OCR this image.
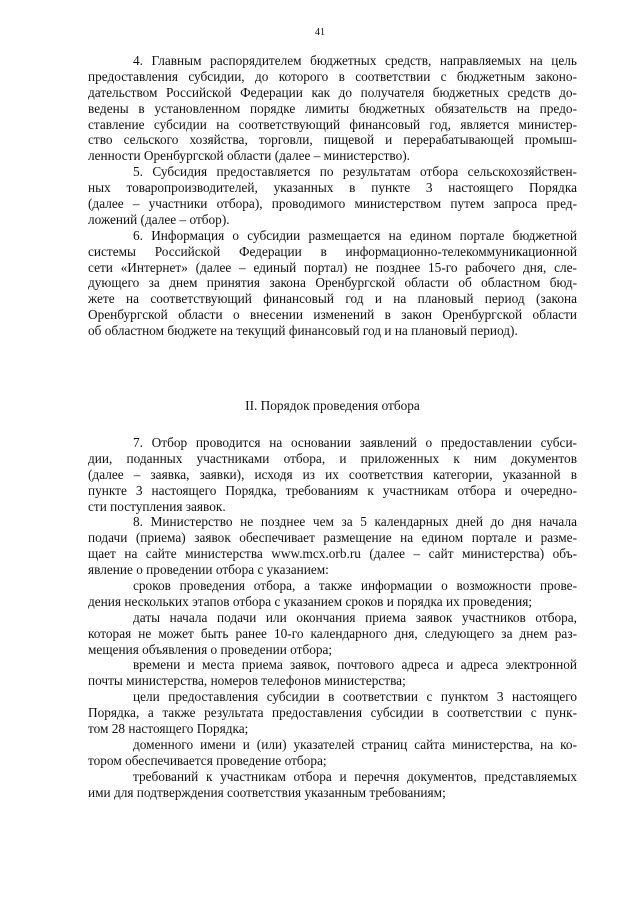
41
4. Главным распорядителем бюджетных средств, направляемых на цель
предоставления субсидии, до которого в соответствии с бюджетным законо-
дательством Российской Федерации как до получателя бюджетных средств до-
ведены в установленном порядке лимиты бюджетных обязательств на предо-
ставление субсидии на соответствующий финансовый год, является министер-
ство сельского хозяйства, торговли, пищевой и перерабатывающей промыш-
ленности Оренбургской области (далее – министерство).
5. Субсидия предоставляется по результатам отбора сельскохозяйствен-
ных товаропроизводителей, указанных в пункте 3 настоящего Порядка
(далее – участники отбора), проводимого министерством путем запроса пред-
ложений (далее – отбор).
6. Информация о субсидии размещается на едином портале бюджетной
системы Российской Федерации в информационно-телекоммуникационной
сети «Интернет» (далее – единый портал) не позднее 15-го рабочего дня, сле-
дующего за днем принятия закона Оренбургской области об областном бюд-
жете на соответствующий финансовый год и на плановый период (закона
Оренбургской области о внесении изменений в закон Оренбургской области
об областном бюджете на текущий финансовый год и на плановый период).
II. Порядок проведения отбора
7. Отбор проводится на основании заявлений о предоставлении субси-
дии, поданных участниками отбора, и приложенных к ним документов
(далее – заявка, заявки), исходя из их соответствия категории, указанной в
пункте 3 настоящего Порядка, требованиям к участникам отбора и очередно-
сти поступления заявок.
8. Министерство не позднее чем за 5 календарных дней до дня начала
подачи (приема) заявок обеспечивает размещение на едином портале и разме-
щает на сайте министерства www.mcx.orb.ru (далее – сайт министерства) объ-
явление о проведении отбора с указанием:
сроков проведения отбора, а также информации о возможности прове-
дения нескольких этапов отбора с указанием сроков и порядка их проведения;
даты начала подачи или окончания приема заявок участников отбора,
которая не может быть ранее 10-го календарного дня, следующего за днем раз-
мещения объявления о проведении отбора;
времени и места приема заявок, почтового адреса и адреса электронной
почты министерства, номеров телефонов министерства;
цели предоставления субсидии в соответствии с пунктом 3 настоящего
Порядка, а также результата предоставления субсидии в соответствии с пунк-
том 28 настоящего Порядка;
доменного имени и (или) указателей страниц сайта министерства, на ко-
тором обеспечивается проведение отбора;
требований к участникам отбора и перечня документов, представляемых
ими для подтверждения соответствия указанным требованиям;
